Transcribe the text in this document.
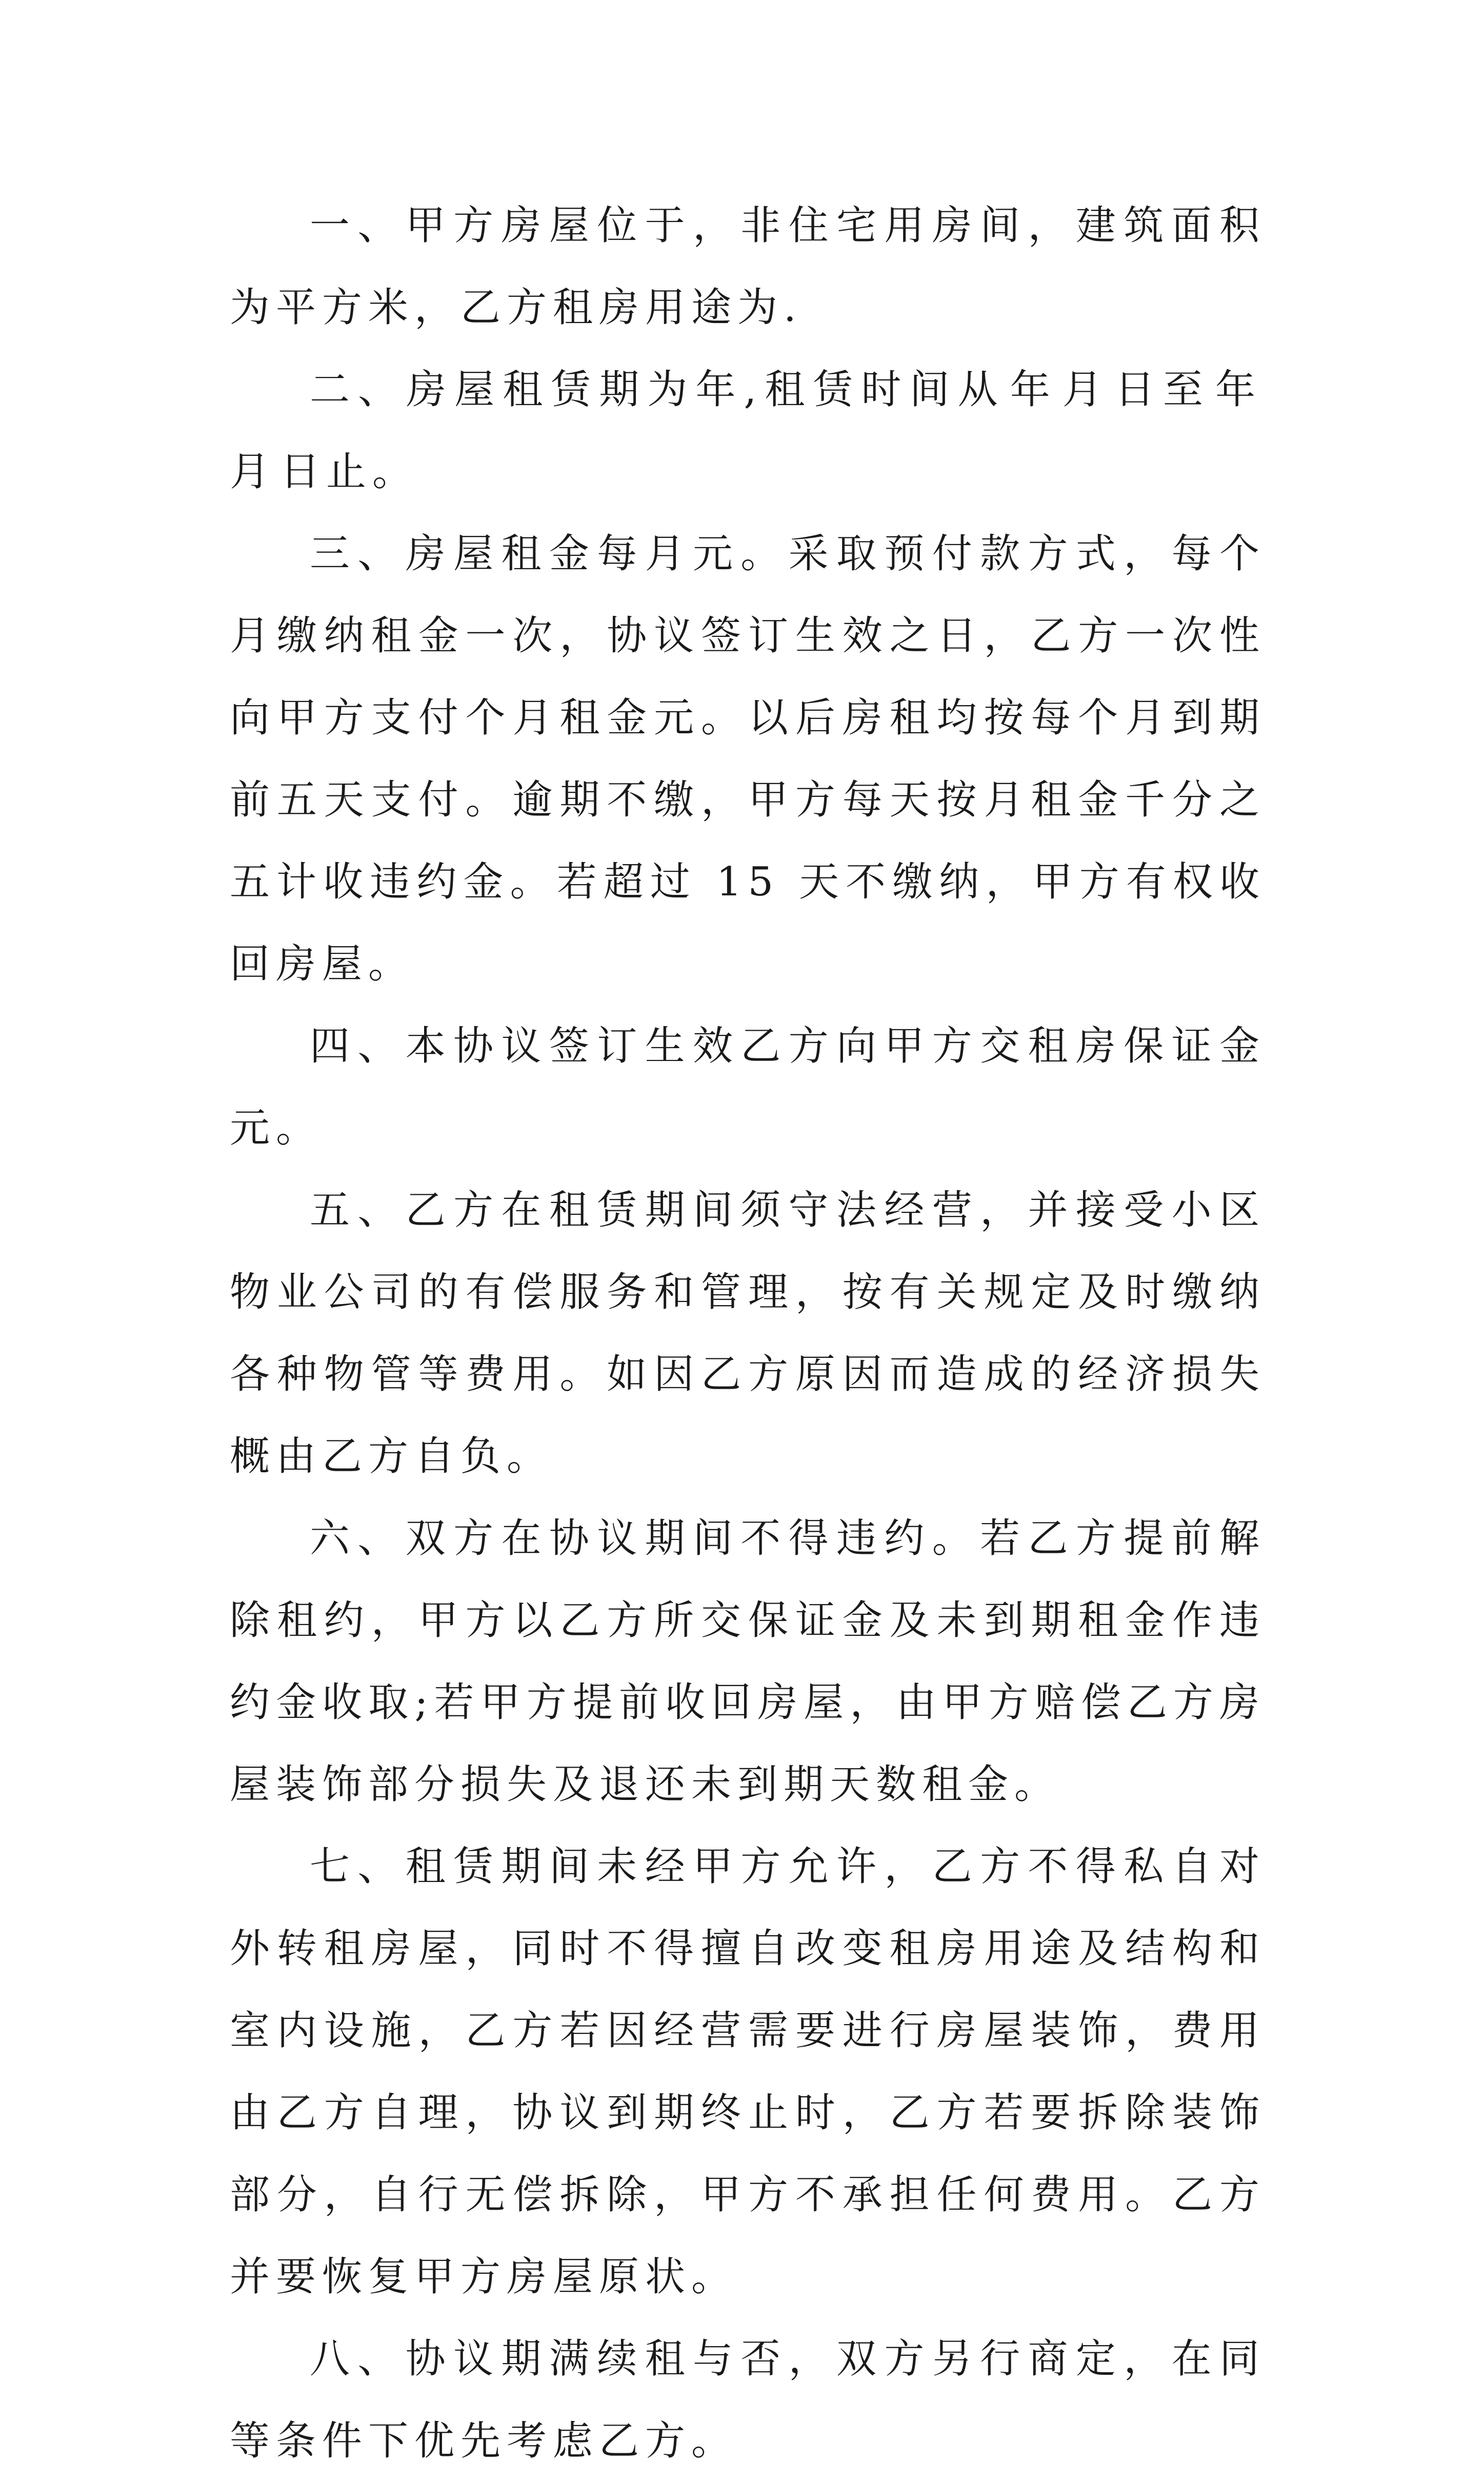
一、甲方房屋位于，非住宅用房间，建筑面积为平方米，乙方租房用途为.

二、房屋租赁期为年,租赁时间从 年 月 日至 年月 日止。

三、房屋租金每月元。采取预付款方式，每个月缴纳租金一次，协议签订生效之日，乙方一次性向甲方支付个月租金元。以后房租均按每个月到期前五天支付。逾期不缴，甲方每天按月租金千分之五计收违约金。若超过 15 天不缴纳，甲方有权收回房屋。

四、本协议签订生效乙方向甲方交租房保证金元。

五、乙方在租赁期间须守法经营，并接受小区物业公司的有偿服务和管理，按有关规定及时缴纳各种物管等费用。如因乙方原因而造成的经济损失概由乙方自负。

六、双方在协议期间不得违约。若乙方提前解除租约，甲方以乙方所交保证金及未到期租金作违约金收取;若甲方提前收回房屋，由甲方赔偿乙方房屋装饰部分损失及退还未到期天数租金。

七、租赁期间未经甲方允许，乙方不得私自对外转租房屋，同时不得擅自改变租房用途及结构和室内设施，乙方若因经营需要进行房屋装饰，费用由乙方自理，协议到期终止时，乙方若要拆除装饰部分，自行无偿拆除，甲方不承担任何费用。乙方并要恢复甲方房屋原状。

八、协议期满续租与否，双方另行商定，在同等条件下优先考虑乙方。
